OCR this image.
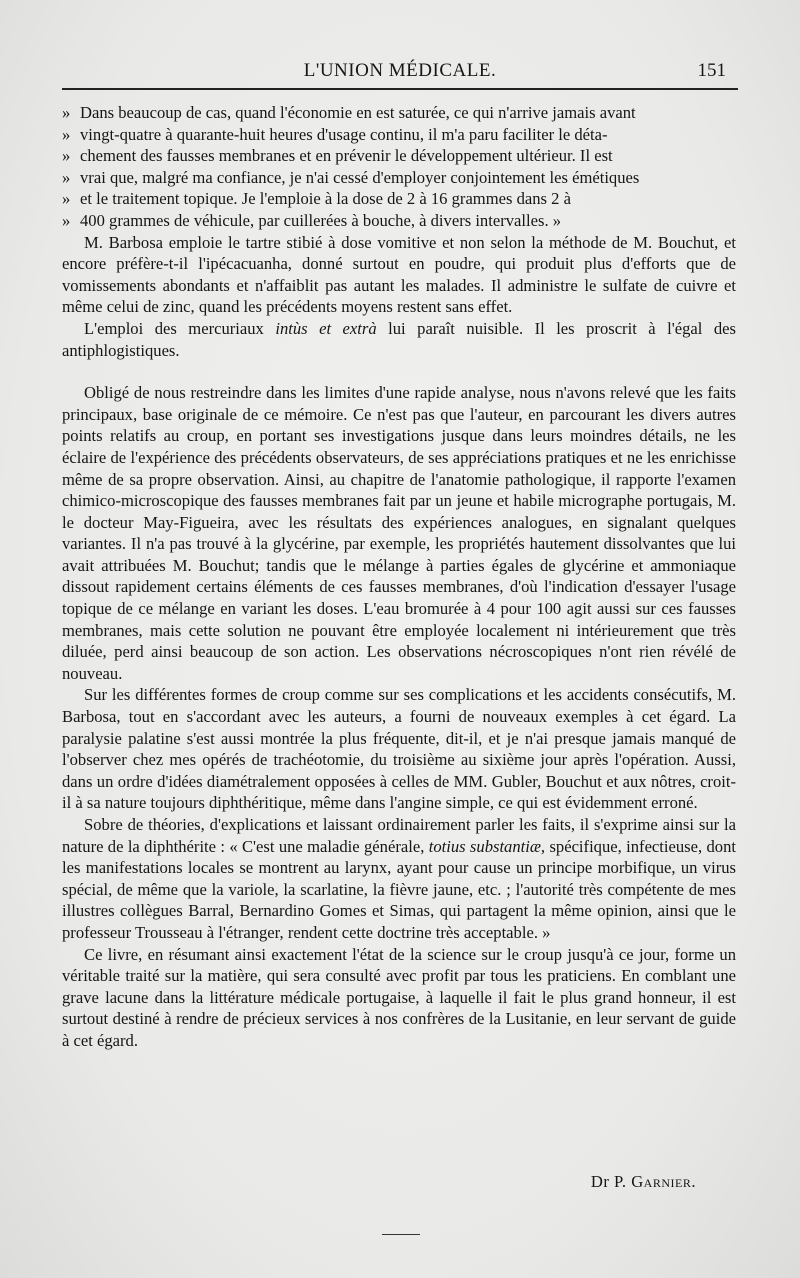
L'UNION MÉDICALE.	151

» Dans beaucoup de cas, quand l'économie en est saturée, ce qui n'arrive jamais avant
» vingt-quatre à quarante-huit heures d'usage continu, il m'a paru faciliter le déta-
» chement des fausses membranes et en prévenir le développement ultérieur. Il est
» vrai que, malgré ma confiance, je n'ai cessé d'employer conjointement les émétiques
» et le traitement topique. Je l'emploie à la dose de 2 à 16 grammes dans 2 à
» 400 grammes de véhicule, par cuillerées à bouche, à divers intervalles. »

M. Barbosa emploie le tartre stibié à dose vomitive et non selon la méthode de M. Bouchut, et encore préfère-t-il l'ipécacuanha, donné surtout en poudre, qui produit plus d'efforts que de vomissements abondants et n'affaiblit pas autant les malades. Il administre le sulfate de cuivre et même celui de zinc, quand les précédents moyens restent sans effet.

L'emploi des mercuriaux intùs et extrà lui paraît nuisible. Il les proscrit à l'égal des antiphlogistiques.

Obligé de nous restreindre dans les limites d'une rapide analyse, nous n'avons relevé que les faits principaux, base originale de ce mémoire. Ce n'est pas que l'auteur, en parcourant les divers autres points relatifs au croup, en portant ses investigations jusque dans leurs moindres détails, ne les éclaire de l'expérience des précédents observateurs, de ses appréciations pratiques et ne les enrichisse même de sa propre observation. Ainsi, au chapitre de l'anatomie pathologique, il rapporte l'examen chimico-microscopique des fausses membranes fait par un jeune et habile micrographe portugais, M. le docteur May-Figueira, avec les résultats des expériences analogues, en signalant quelques variantes. Il n'a pas trouvé à la glycérine, par exemple, les propriétés hautement dissolvantes que lui avait attribuées M. Bouchut; tandis que le mélange à parties égales de glycérine et ammoniaque dissout rapidement certains éléments de ces fausses membranes, d'où l'indication d'essayer l'usage topique de ce mélange en variant les doses. L'eau bromurée à 4 pour 100 agit aussi sur ces fausses membranes, mais cette solution ne pouvant être employée localement ni intérieurement que très diluée, perd ainsi beaucoup de son action. Les observations nécroscopiques n'ont rien révélé de nouveau.

Sur les différentes formes de croup comme sur ses complications et les accidents consécutifs, M. Barbosa, tout en s'accordant avec les auteurs, a fourni de nouveaux exemples à cet égard. La paralysie palatine s'est aussi montrée la plus fréquente, dit-il, et je n'ai presque jamais manqué de l'observer chez mes opérés de trachéotomie, du troisième au sixième jour après l'opération. Aussi, dans un ordre d'idées diamétralement opposées à celles de MM. Gubler, Bouchut et aux nôtres, croit-il à sa nature toujours diphthéritique, même dans l'angine simple, ce qui est évidemment erroné.

Sobre de théories, d'explications et laissant ordinairement parler les faits, il s'exprime ainsi sur la nature de la diphthérite : « C'est une maladie générale, totius substantiæ, spécifique, infectieuse, dont les manifestations locales se montrent au larynx, ayant pour cause un principe morbifique, un virus spécial, de même que la variole, la scarlatine, la fièvre jaune, etc. ; l'autorité très compétente de mes illustres collègues Barral, Bernardino Gomes et Simas, qui partagent la même opinion, ainsi que le professeur Trousseau à l'étranger, rendent cette doctrine très acceptable. »

Ce livre, en résumant ainsi exactement l'état de la science sur le croup jusqu'à ce jour, forme un véritable traité sur la matière, qui sera consulté avec profit par tous les praticiens. En comblant une grave lacune dans la littérature médicale portugaise, à laquelle il fait le plus grand honneur, il est surtout destiné à rendre de précieux services à nos confrères de la Lusitanie, en leur servant de guide à cet égard.

Dr P. Garnier.
